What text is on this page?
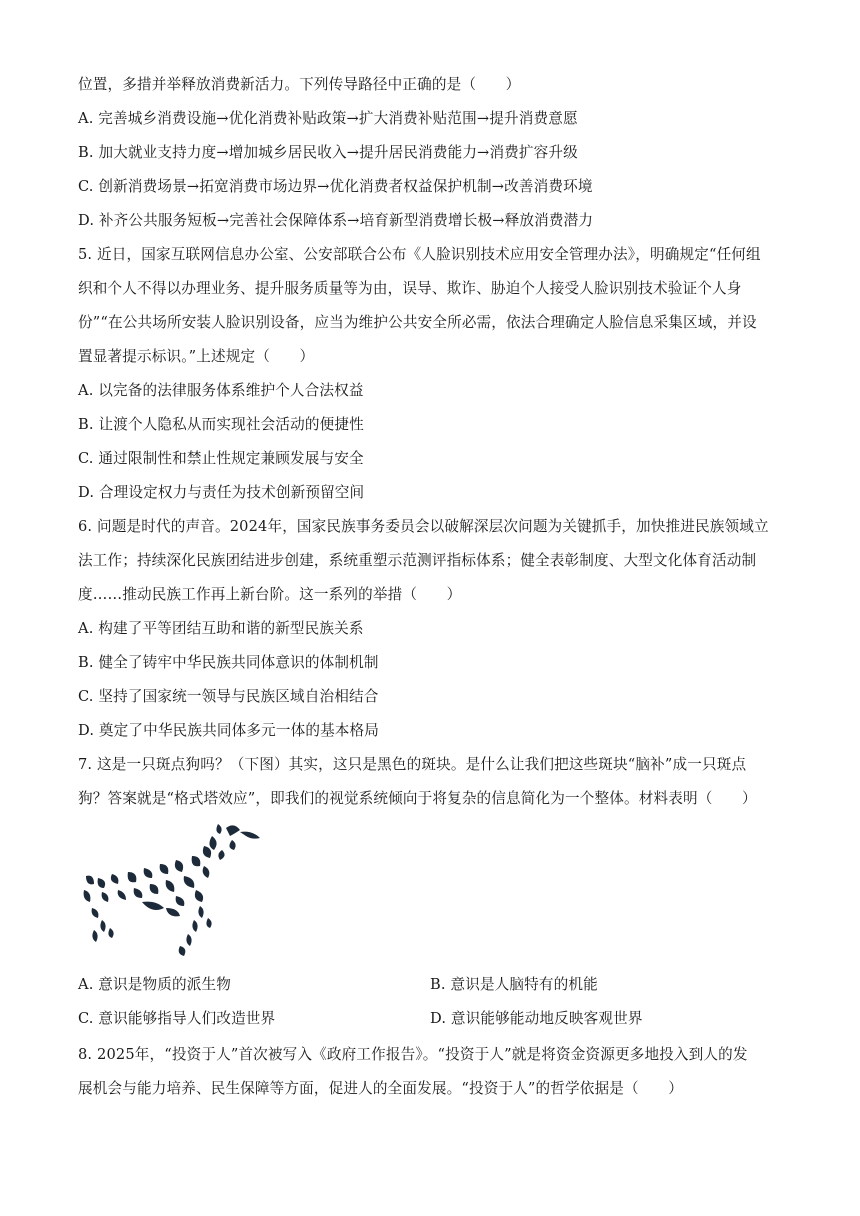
位置，多措并举释放消费新活力。下列传导路径中正确的是（　　）
A. 完善城乡消费设施→优化消费补贴政策→扩大消费补贴范围→提升消费意愿
B. 加大就业支持力度→增加城乡居民收入→提升居民消费能力→消费扩容升级
C. 创新消费场景→拓宽消费市场边界→优化消费者权益保护机制→改善消费环境
D. 补齐公共服务短板→完善社会保障体系→培育新型消费增长极→释放消费潜力
5. 近日，国家互联网信息办公室、公安部联合公布《人脸识别技术应用安全管理办法》，明确规定“任何组
织和个人不得以办理业务、提升服务质量等为由，误导、欺诈、胁迫个人接受人脸识别技术验证个人身
份”“在公共场所安装人脸识别设备，应当为维护公共安全所必需，依法合理确定人脸信息采集区域，并设
置显著提示标识。”上述规定（　　）
A. 以完备的法律服务体系维护个人合法权益
B. 让渡个人隐私从而实现社会活动的便捷性
C. 通过限制性和禁止性规定兼顾发展与安全
D. 合理设定权力与责任为技术创新预留空间
6. 问题是时代的声音。2024年，国家民族事务委员会以破解深层次问题为关键抓手，加快推进民族领域立
法工作；持续深化民族团结进步创建，系统重塑示范测评指标体系；健全表彰制度、大型文化体育活动制
度……推动民族工作再上新台阶。这一系列的举措（　　）
A. 构建了平等团结互助和谐的新型民族关系
B. 健全了铸牢中华民族共同体意识的体制机制
C. 坚持了国家统一领导与民族区域自治相结合
D. 奠定了中华民族共同体多元一体的基本格局
7. 这是一只斑点狗吗？（下图）其实，这只是黑色的斑块。是什么让我们把这些斑块“脑补”成一只斑点
狗？答案就是“格式塔效应”，即我们的视觉系统倾向于将复杂的信息简化为一个整体。材料表明（　　）
A. 意识是物质的派生物	B. 意识是人脑特有的机能
C. 意识能够指导人们改造世界	D. 意识能够能动地反映客观世界
8. 2025年，“投资于人”首次被写入《政府工作报告》。“投资于人”就是将资金资源更多地投入到人的发
展机会与能力培养、民生保障等方面，促进人的全面发展。“投资于人”的哲学依据是（　　）
